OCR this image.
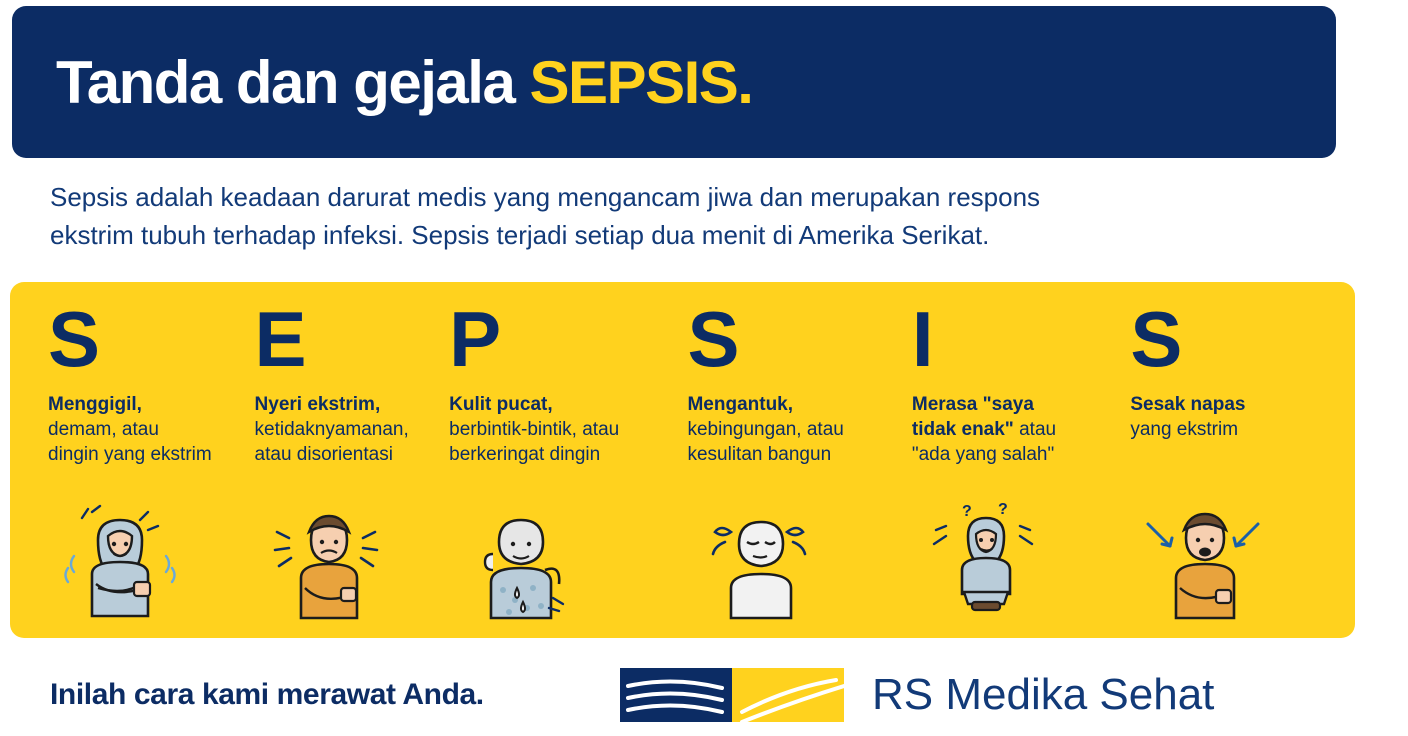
Tanda dan gejala SEPSIS.
Sepsis adalah keadaan darurat medis yang mengancam jiwa dan merupakan respons
ekstrim tubuh terhadap infeksi. Sepsis terjadi setiap dua menit di Amerika Serikat.
S
Menggigil,
demam, atau
dingin yang ekstrim
E
Nyeri ekstrim,
ketidaknyamanan,
atau disorientasi
P
Kulit pucat,
berbintik-bintik, atau
berkeringat dingin
S
Mengantuk,
kebingungan, atau
kesulitan bangun
I
Merasa "saya
tidak enak" atau
"ada yang salah"
? ?
S
Sesak napas
yang ekstrim

Inilah cara kami merawat Anda.	RS Medika Sehat
